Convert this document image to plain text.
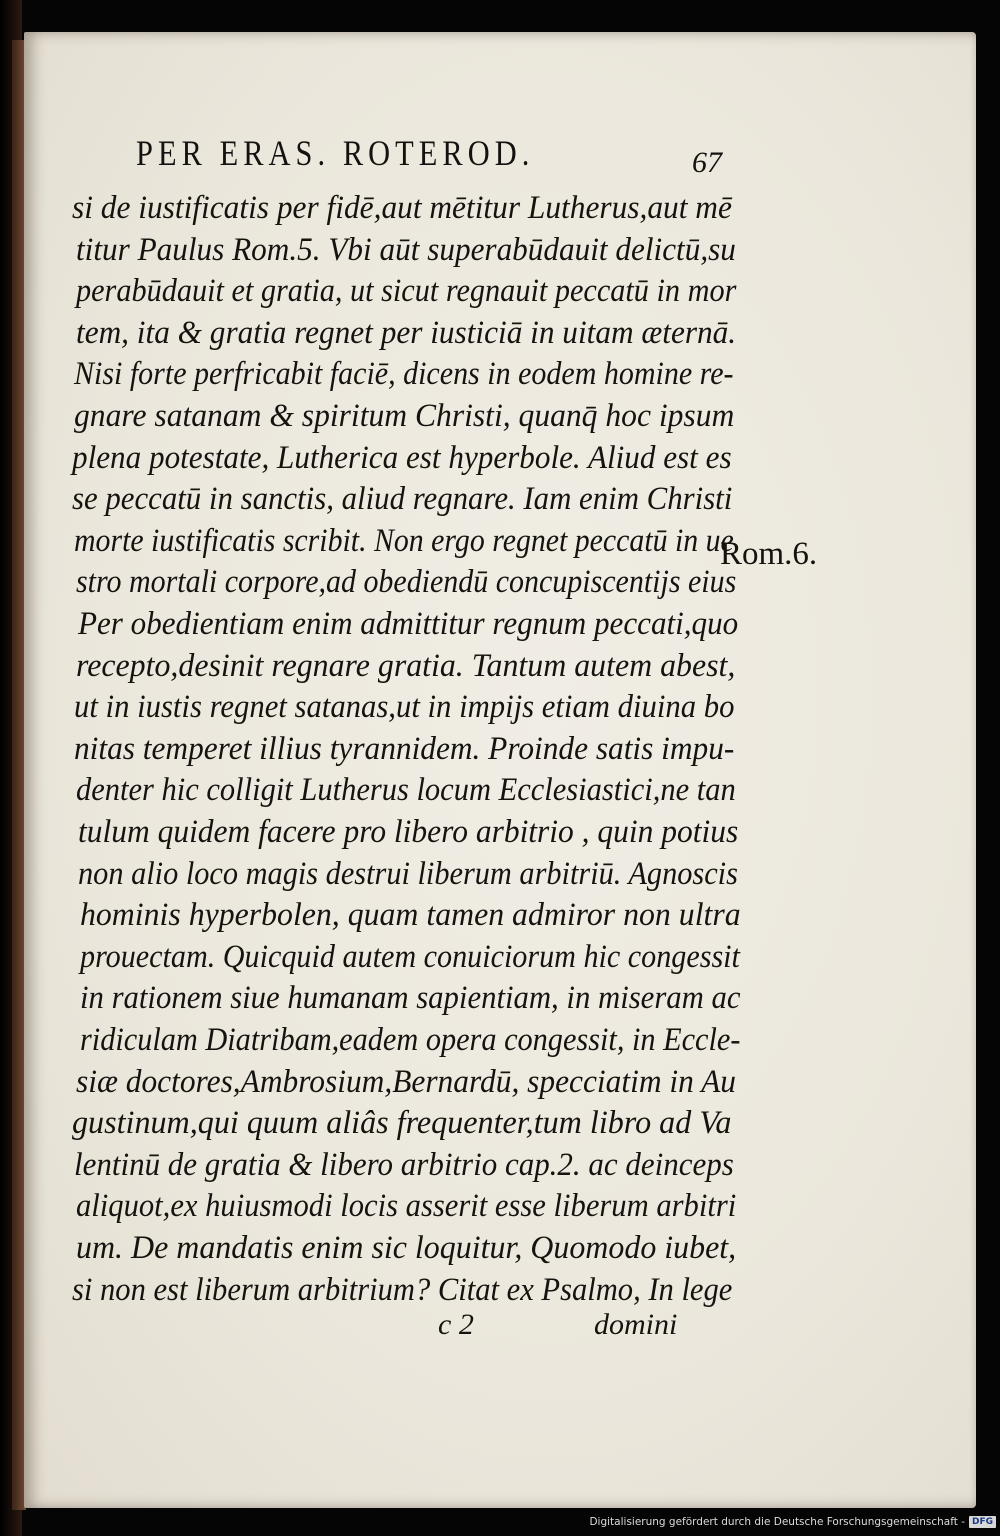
PER ERAS. ROTEROD.	67
si de iustificatis per fidē,aut mētitur Lutherus,aut mē
titur Paulus Rom.5. Vbi aūt superabūdauit delictū,su
perabūdauit et gratia, ut sicut regnauit peccatū in mor
tem, ita & gratia regnet per iusticiā in uitam æternā.
Nisi forte perfricabit faciē, dicens in eodem homine re-
gnare satanam & spiritum Christi, quanq̄ hoc ipsum
plena potestate, Lutherica est hyperbole. Aliud est es
se peccatū in sanctis, aliud regnare. Iam enim Christi
morte iustificatis scribit. Non ergo regnet peccatū in ue
stro mortali corpore,ad obediendū concupiscentijs eius
Per obedientiam enim admittitur regnum peccati,quo
recepto,desinit regnare gratia. Tantum autem abest,
ut in iustis regnet satanas,ut in impijs etiam diuina bo
nitas temperet illius tyrannidem. Proinde satis impu-
denter hic colligit Lutherus locum Ecclesiastici,ne tan
tulum quidem facere pro libero arbitrio , quin potius
non alio loco magis destrui liberum arbitriū. Agnoscis
hominis hyperbolen, quam tamen admiror non ultra
prouectam. Quicquid autem conuiciorum hic congessit
in rationem siue humanam sapientiam, in miseram ac
ridiculam Diatribam,eadem opera congessit, in Eccle-
siæ doctores,Ambrosium,Bernardū, specciatim in Au
gustinum,qui quum aliâs frequenter,tum libro ad Va
lentinū de gratia & libero arbitrio cap.2. ac deinceps
aliquot,ex huiusmodi locis asserit esse liberum arbitri
um. De mandatis enim sic loquitur, Quomodo iubet,
si non est liberum arbitrium? Citat ex Psalmo, In lege
Rom.6.
c 2	domini
Digitalisierung gefördert durch die Deutsche Forschungsgemeinschaft - DFG
